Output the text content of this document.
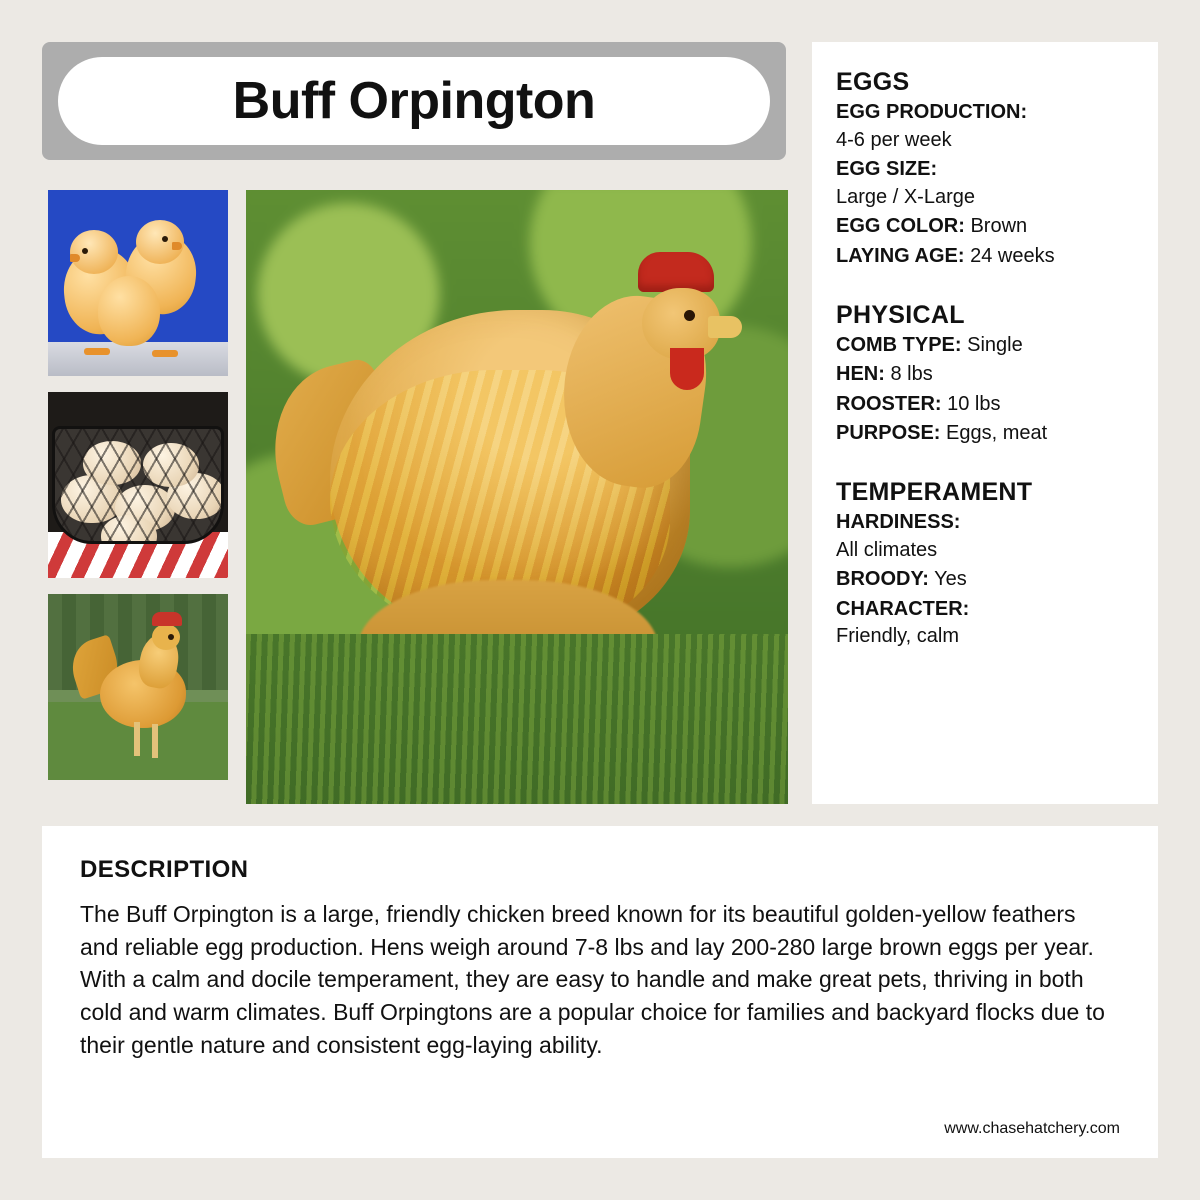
Buff Orpington	EGGS
EGG PRODUCTION:
4-6 per week
EGG SIZE:
Large / X-Large
EGG COLOR: Brown
LAYING AGE: 24 weeks
PHYSICAL
COMB TYPE: Single
HEN: 8 lbs
ROOSTER: 10 lbs
PURPOSE: Eggs, meat
TEMPERAMENT
HARDINESS:
All climates
BROODY: Yes
CHARACTER:
Friendly, calm
DESCRIPTION

The Buff Orpington is a large, friendly chicken breed known for its beautiful golden-yellow feathers and reliable egg production. Hens weigh around 7-8 lbs and lay 200-280 large brown eggs per year. With a calm and docile temperament, they are easy to handle and make great pets, thriving in both cold and warm climates. Buff Orpingtons are a popular choice for families and backyard flocks due to their gentle nature and consistent egg-laying ability.

www.chasehatchery.com
